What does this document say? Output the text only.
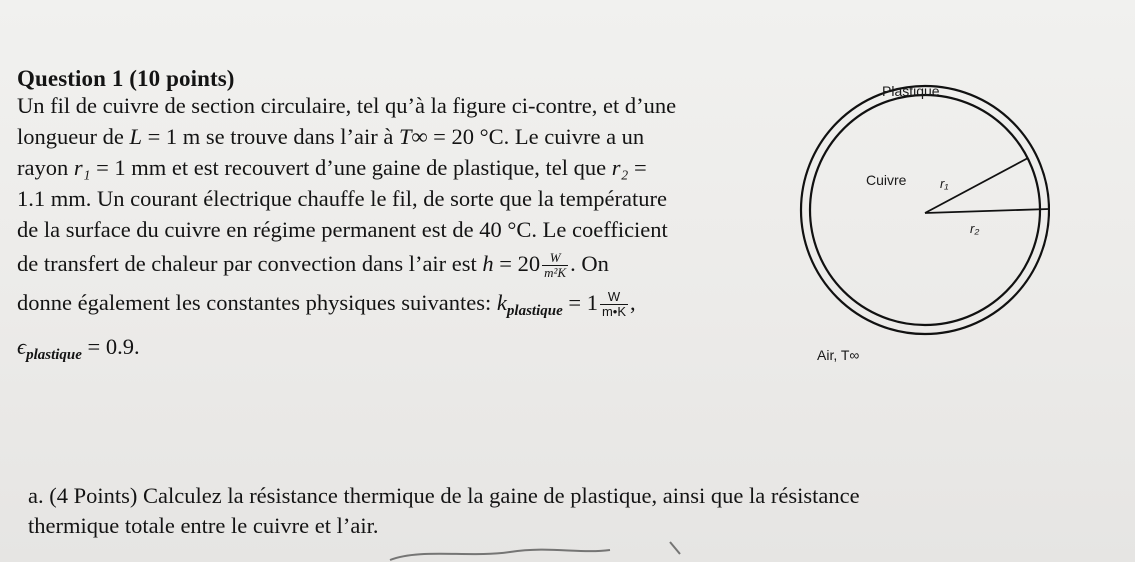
Question 1 (10 points)
Un fil de cuivre de section circulaire, tel qu’à la figure ci-contre, et d’une
longueur de L = 1 m se trouve dans l’air à T∞ = 20 °C. Le cuivre a un
rayon r₁ = 1 mm et est recouvert d’une gaine de plastique, tel que r₂ =
1.1 mm. Un courant électrique chauffe le fil, de sorte que la température
de la surface du cuivre en régime permanent est de 40 °C. Le coefficient
de transfert de chaleur par convection dans l’air est $h = 20 \frac{W}{\text{m²K}}$ . On
donne également les constantes physiques suivantes: $k_{plastique} = 1 \frac{W}{m•K}$ ,
$\epsilon_{plastique} = 0.9$.
Plastique
Cuivre	r₁
r₂
Air, T∞
a. (4 Points) Calculez la résistance thermique de la gaine de plastique, ainsi que la résistance
thermique totale entre le cuivre et l’air.
